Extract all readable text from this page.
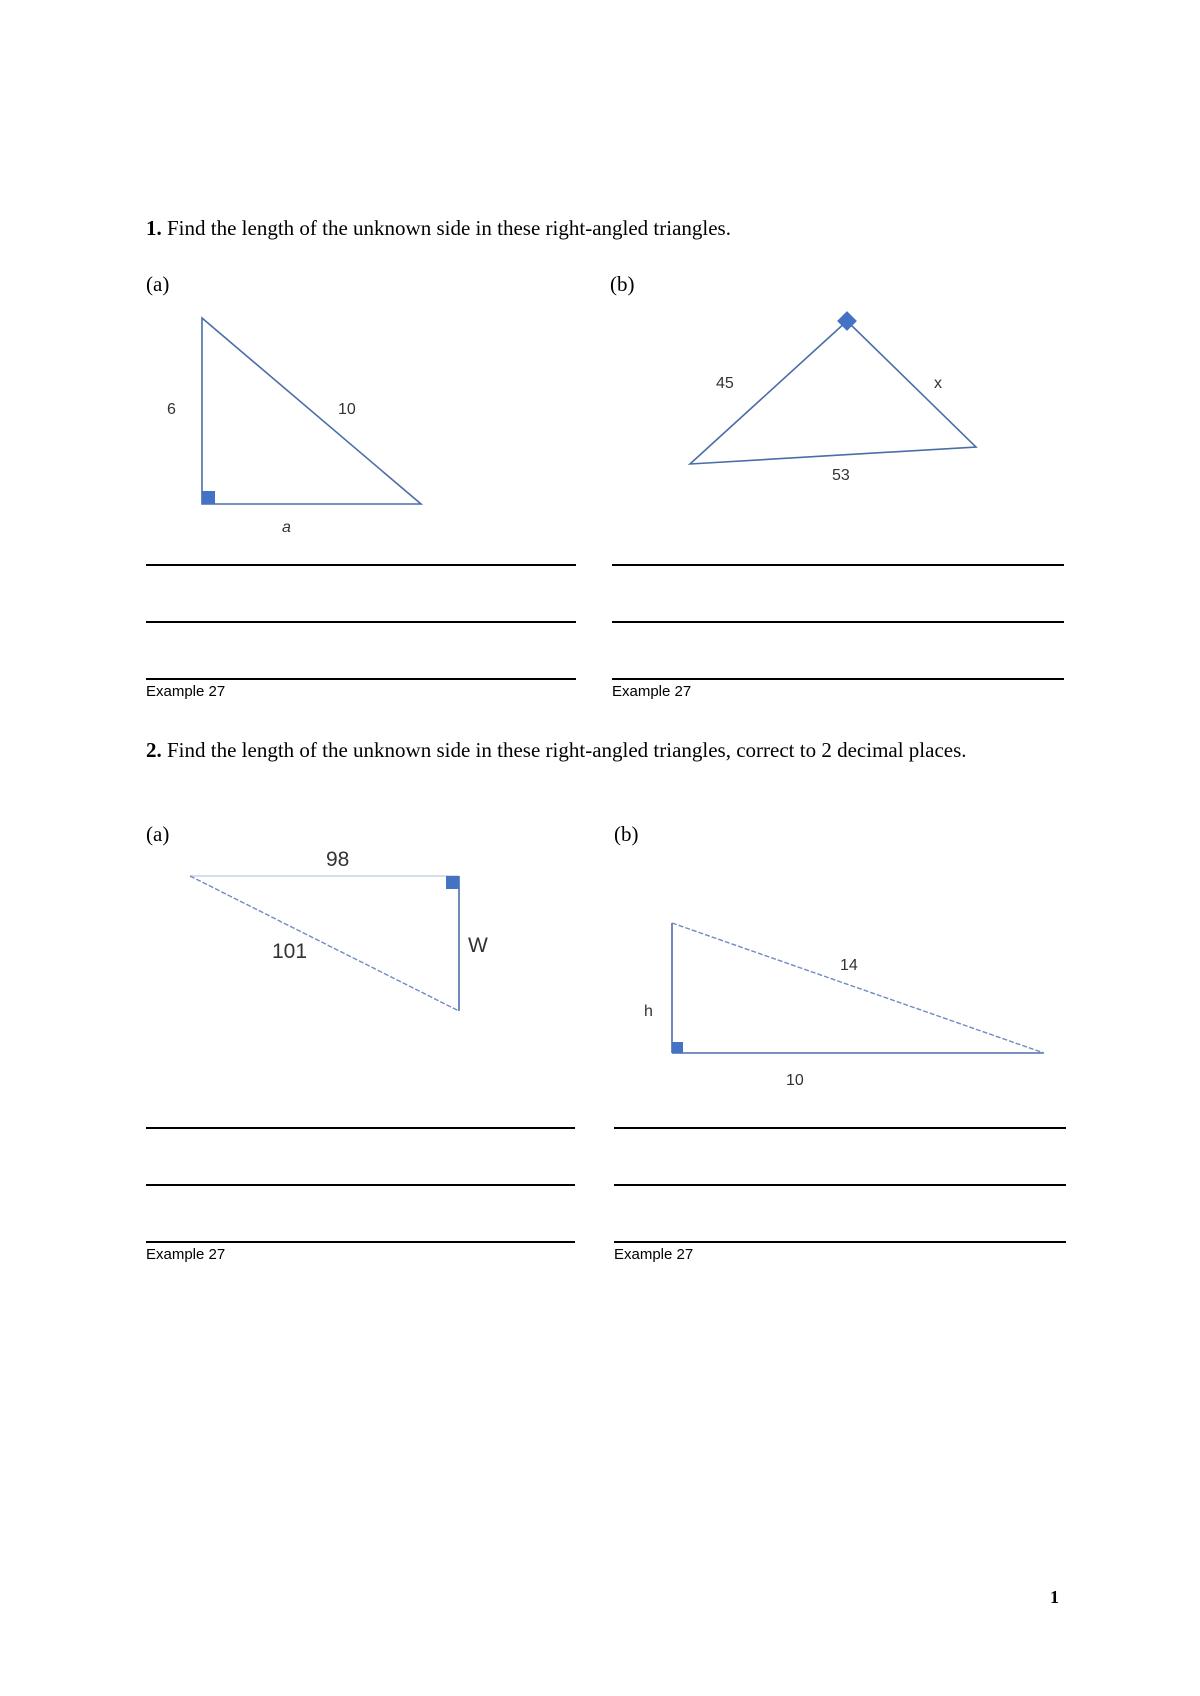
1. Find the length of the unknown side in these right-angled triangles.
(a)	(b)
6	10
a
45	x
53
98
101	W
14
h
10
Example 27	Example 27
2. Find the length of the unknown side in these right-angled triangles, correct to 2 decimal places.
(a)	(b)
Example 27	Example 27
1
